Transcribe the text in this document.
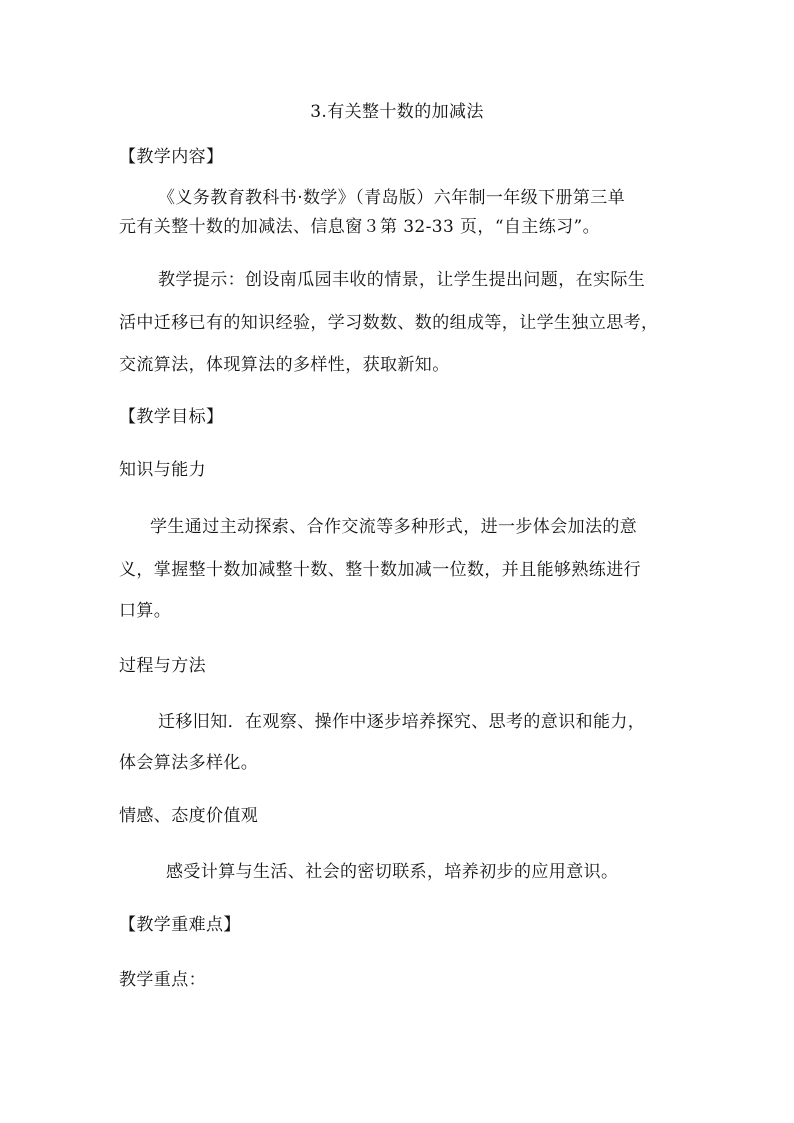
3.有关整十数的加减法
【教学内容】
《义务教育教科书·数学》（青岛版）六年制一年级下册第三单
元有关整十数的加减法、信息窗３第 32-33 页，“自主练习”。
教学提示：创设南瓜园丰收的情景，让学生提出问题，在实际生
活中迁移已有的知识经验，学习数数、数的组成等，让学生独立思考，
交流算法，体现算法的多样性，获取新知。
【教学目标】
知识与能力
学生通过主动探索、合作交流等多种形式，进一步体会加法的意
义，掌握整十数加减整十数、整十数加减一位数，并且能够熟练进行
口算。
过程与方法
迁移旧知．在观察、操作中逐步培养探究、思考的意识和能力，
体会算法多样化。
情感、态度价值观
感受计算与生活、社会的密切联系，培养初步的应用意识。
【教学重难点】
教学重点：
